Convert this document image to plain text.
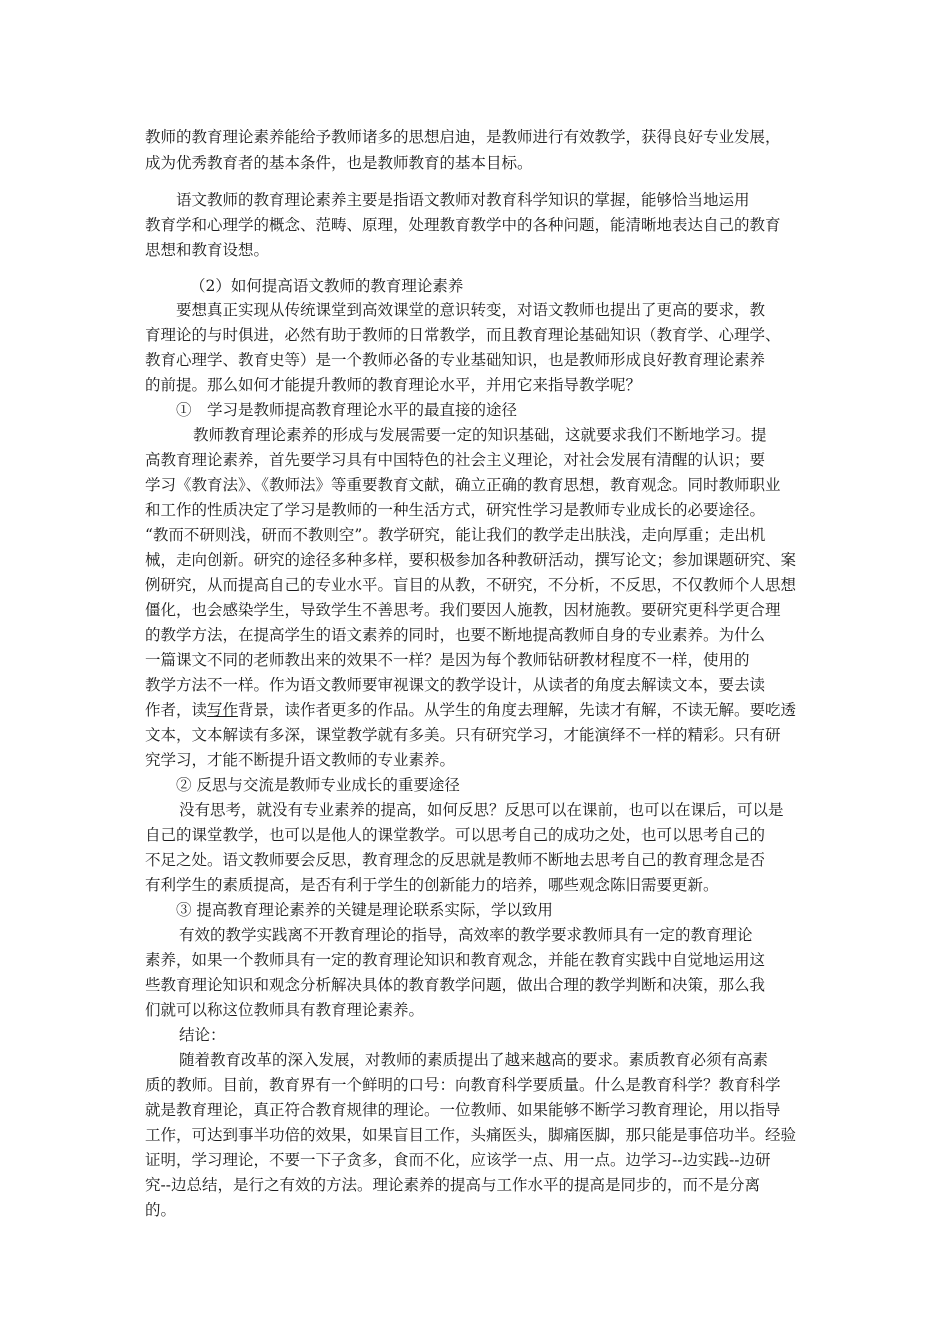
教师的教育理论素养能给予教师诸多的思想启迪，是教师进行有效教学，获得良好专业发展，
成为优秀教育者的基本条件，也是教师教育的基本目标。
语文教师的教育理论素养主要是指语文教师对教育科学知识的掌握，能够恰当地运用
教育学和心理学的概念、范畴、原理，处理教育教学中的各种问题，能清晰地表达自己的教育
思想和教育设想。
（2）如何提高语文教师的教育理论素养
要想真正实现从传统课堂到高效课堂的意识转变，对语文教师也提出了更高的要求，教
育理论的与时俱进，必然有助于教师的日常教学，而且教育理论基础知识（教育学、心理学、
教育心理学、教育史等）是一个教师必备的专业基础知识，也是教师形成良好教育理论素养
的前提。那么如何才能提升教师的教育理论水平，并用它来指导教学呢？
①　学习是教师提高教育理论水平的最直接的途径
教师教育理论素养的形成与发展需要一定的知识基础，这就要求我们不断地学习。提
高教育理论素养，首先要学习具有中国特色的社会主义理论，对社会发展有清醒的认识；要
学习《教育法》、《教师法》等重要教育文献，确立正确的教育思想，教育观念。同时教师职业
和工作的性质决定了学习是教师的一种生活方式，研究性学习是教师专业成长的必要途径。
“教而不研则浅，研而不教则空”。教学研究，能让我们的教学走出肤浅，走向厚重；走出机
械，走向创新。研究的途径多种多样，要积极参加各种教研活动，撰写论文；参加课题研究、案
例研究，从而提高自己的专业水平。盲目的从教，不研究，不分析，不反思，不仅教师个人思想
僵化，也会感染学生，导致学生不善思考。我们要因人施教，因材施教。要研究更科学更合理
的教学方法，在提高学生的语文素养的同时，也要不断地提高教师自身的专业素养。为什么
一篇课文不同的老师教出来的效果不一样？是因为每个教师钻研教材程度不一样，使用的
教学方法不一样。作为语文教师要审视课文的教学设计，从读者的角度去解读文本，要去读
作者，读写作背景，读作者更多的作品。从学生的角度去理解，先读才有解，不读无解。要吃透
文本，文本解读有多深，课堂教学就有多美。只有研究学习，才能演绎不一样的精彩。只有研
究学习，才能不断提升语文教师的专业素养。
② 反思与交流是教师专业成长的重要途径
没有思考，就没有专业素养的提高，如何反思？反思可以在课前，也可以在课后，可以是
自己的课堂教学，也可以是他人的课堂教学。可以思考自己的成功之处，也可以思考自己的
不足之处。语文教师要会反思，教育理念的反思就是教师不断地去思考自己的教育理念是否
有利学生的素质提高，是否有利于学生的创新能力的培养，哪些观念陈旧需要更新。
③ 提高教育理论素养的关键是理论联系实际，学以致用
有效的教学实践离不开教育理论的指导，高效率的教学要求教师具有一定的教育理论
素养，如果一个教师具有一定的教育理论知识和教育观念，并能在教育实践中自觉地运用这
些教育理论知识和观念分析解决具体的教育教学问题，做出合理的教学判断和决策，那么我
们就可以称这位教师具有教育理论素养。
结论：
随着教育改革的深入发展，对教师的素质提出了越来越高的要求。素质教育必须有高素
质的教师。目前，教育界有一个鲜明的口号：向教育科学要质量。什么是教育科学？教育科学
就是教育理论，真正符合教育规律的理论。一位教师、如果能够不断学习教育理论，用以指导
工作，可达到事半功倍的效果，如果盲目工作，头痛医头，脚痛医脚，那只能是事倍功半。经验
证明，学习理论，不要一下子贪多，食而不化，应该学一点、用一点。边学习--边实践--边研
究--边总结，是行之有效的方法。理论素养的提高与工作水平的提高是同步的，而不是分离
的。
